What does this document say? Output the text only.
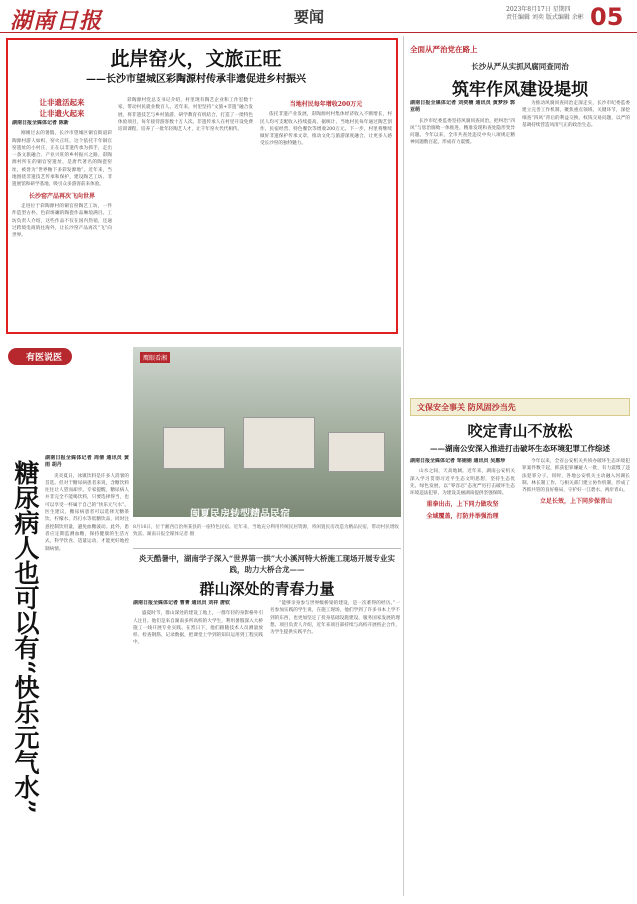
湖南日报	要闻	2023年8月17日 星期四
责任编辑 刘奕 版式编辑 余彬 05
此岸窑火，文旅正旺
——长沙市望城区彩陶源村传承非遗促进乡村振兴
让非遗活起来
让非遗火起来
湖南日报全媒体记者 陈新

刚刚过去的暑假，长沙市望城区铜官街道彩陶源村游人如织，窑火正旺。这个依托千年铜官窑遗址的小村庄，正在以非遗传承为抓手，走出一条文旅融合、产业兴旺的乡村振兴之路。彩陶源村所在的铜官窑遗址，是唐代著名的陶瓷窑址，被誉为“世界釉下多彩发源地”。近年来，当地围绕非遗技艺传承和保护，建设陶艺工坊、非遗展馆和研学基地，吸引众多游客前来体验。

长沙窑产品再次飞向世界

走进位于彩陶源村的铜官窑陶艺工坊，一件件造型古朴、色彩斑斓的陶瓷作品琳琅满目。工坊负责人介绍，这些作品不仅在国内热销，还通过跨境电商销往海外，让长沙窑产品再次“飞”向世界。

彩陶源村党总支书记介绍，村里现有陶艺企业和工作室数十家，带动村民就业数百人。近年来，村里坚持“文旅+非遗”融合发展，将非遗技艺与乡村旅游、研学教育有机结合，打造了一批特色体验项目，每年接待游客数十万人次。非遗传承人在村里开设免费培训课程，培养了一批年轻陶艺人才，让千年窑火代代相传。

当地村民每年增收200万元

依托非遗产业发展，彩陶源村村集体经济收入不断增长，村民人均可支配收入持续提高。据统计，当地村民每年通过陶艺创作、民宿经营、特色餐饮等增收200万元。下一步，村里将继续做好非遗保护传承文章，推动文化与旅游深度融合，让更多人感受长沙窑的独特魅力。

有医说医
糖尿病人也可以有“快乐元气水”
湖南日报全媒体记者 周倩 通讯员 黄雨 胡丹

炎炎夏日，冰镇饮料是许多人消暑的首选。但对于糖尿病患者来说，含糖饮料往往让人望而却步。专家提醒，糖尿病人并非完全不能喝饮料，只要选择得当，也可以享受一杯属于自己的“快乐元气水”。医生建议，糖尿病患者可以选择无糖茶饮、柠檬水、苏打水等低糖饮品，同时注意控制饮用量，避免血糖波动。此外，患者应定期监测血糖，保持健康的生活方式，科学饮食、适量运动，才能更好地控制病情。

闽夏民房转型精品民宿
鹰眼看湘
8月16日，位于湘西自治州某县的一座特色民宿。近年来，当地充分利用传统民居资源，将闲置民房改造为精品民宿，带动村民增收致富。湖南日报全媒体记者 摄
炎天酷暑中，湖南学子深入“世界第一拱”大小溪河特大桥施工现场开展专业实践，助力大桥合龙——
群山深处的青春力量
湖南日报全媒体记者 曹菁 通讯员 刘祥 唐钦

盛夏时节，群山深处的建设工地上，一群年轻的身影格外引人注目。他们是来自湖南多所高校的大学生，利用暑假深入大桥施工一线开展专业实践。在烈日下，他们跟随技术人员测量放样、检查钢筋、记录数据，把课堂上学到的知识运用到工程实践中。

“能够亲身参与世界级桥梁的建设，是一次难得的经历。”一名参加实践的学生说，在施工现场，他们学到了许多书本上学不到的东西，也更加坚定了投身基础设施建设、服务国家发展的理想。项目负责人介绍，近年来项目部持续与高校开展校企合作，为学生提供实践平台。

全面从严治党在路上
长沙从严从实抓风腐同查同治
筑牢作风建设堤坝
湖南日报全媒体记者 刘奕楠 通讯员 黄梦莎 郭亚萌

长沙市纪委监委坚持风腐同查同治，把纠治“四风”与惩治腐败一体推进，精准发现和查处隐形变异问题。今年以来，全市共查处违反中央八项规定精神问题数百起，形成有力震慑。

为推动风腐同查同治走深走实，长沙市纪委监委建立完善工作机制，聚焦重点领域、关键环节，深挖细查“四风”背后的利益交换、权钱交易问题，以严的基调持续营造风清气正的政治生态。

文保安全事关 防风固沙当先
咬定青山不放松
——湖南公安深入推进打击破坏生态环境犯罪工作综述
湖南日报全媒体记者 邹娟娟 通讯员 吴惠珍

山水之间，天高地阔。近年来，湖南公安机关深入学习贯彻习近平生态文明思想，坚持生态优先、绿色发展，以“零容忍”态度严厉打击破坏生态环境违法犯罪，为建设美丽湖南提供坚强保障。

重拳出击，上下同力做攻坚
全域覆盖，打防并举强治理

今年以来，全省公安机关共侦办破坏生态环境犯罪案件数千起，抓获犯罪嫌疑人一批，有力震慑了违法犯罪分子。同时，各地公安机关主动融入河湖长制、林长制工作，与相关部门建立协作机制，形成了齐抓共管的良好格局，守护好一江碧水、两岸青山。

立足长效，上下同步保青山
